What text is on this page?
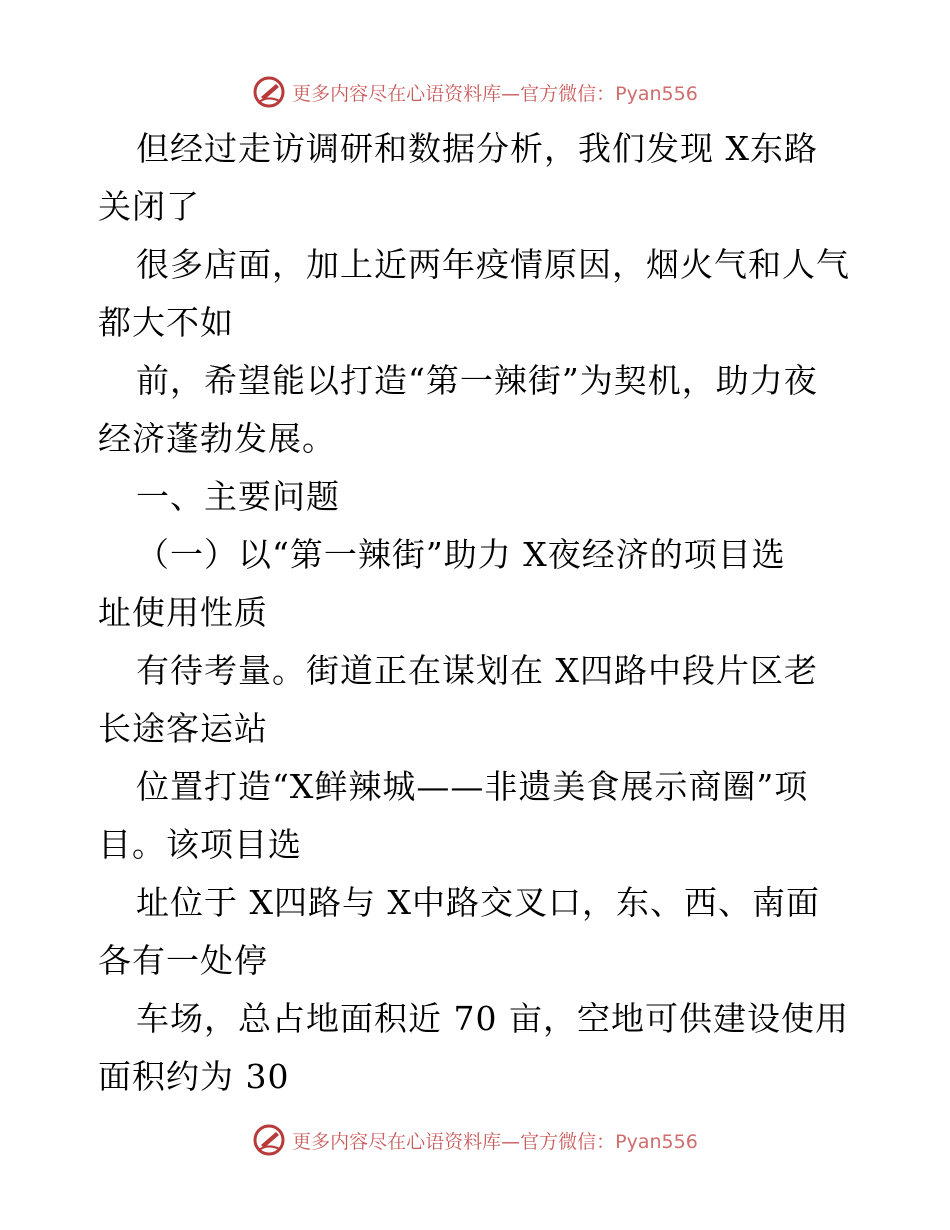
更多内容尽在心语资料库—官方微信：Pyan556
但经过走访调研和数据分析，我们发现 X东路
关闭了
很多店面，加上近两年疫情原因，烟火气和人气
都大不如
前，希望能以打造“第一辣街”为契机，助力夜
经济蓬勃发展。
一、主要问题
（一）以“第一辣街”助力 X夜经济的项目选
址使用性质
有待考量。街道正在谋划在 X四路中段片区老
长途客运站
位置打造“X鲜辣城——非遗美食展示商圈”项
目。该项目选
址位于 X四路与 X中路交叉口，东、西、南面
各有一处停
车场，总占地面积近 70 亩，空地可供建设使用
面积约为 30
更多内容尽在心语资料库—官方微信：Pyan556
